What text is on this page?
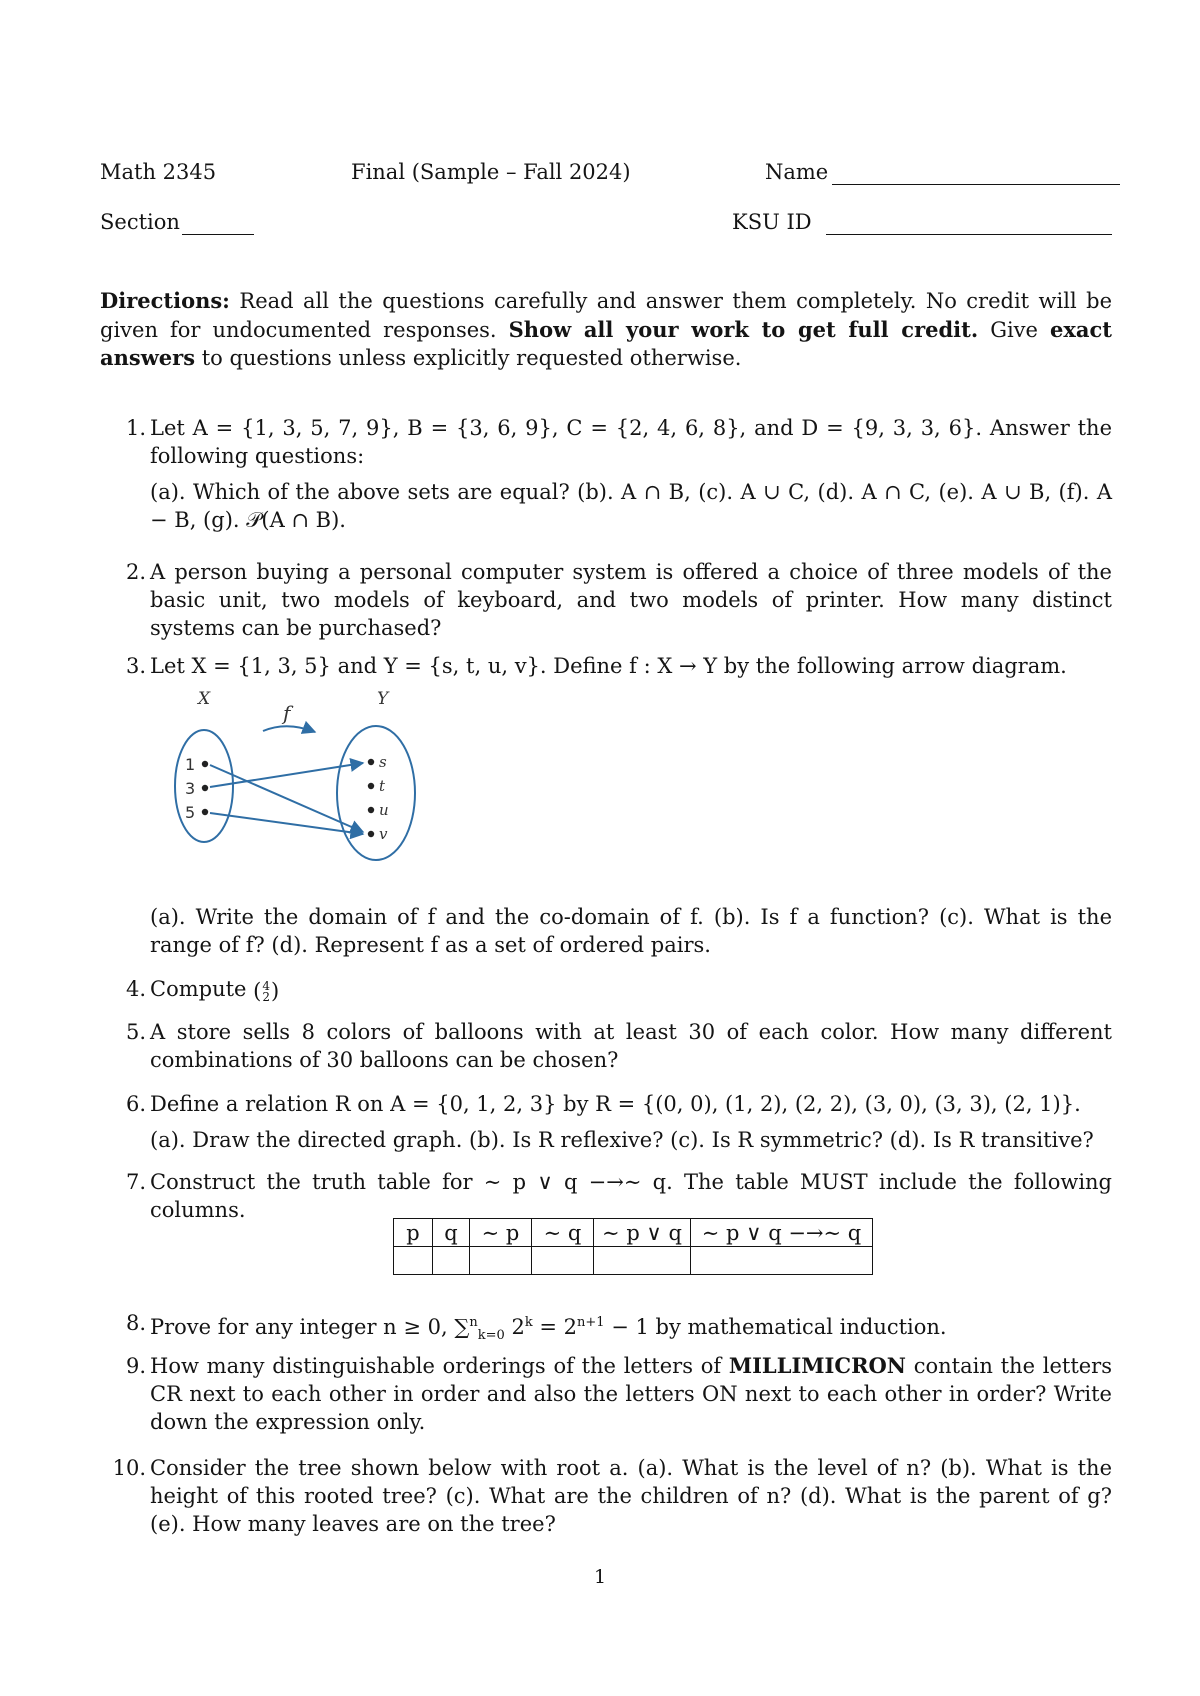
Math 2345	Final (Sample – Fall 2024)	Name
Section	KSU ID
Directions: Read all the questions carefully and answer them completely. No credit will be given for undocumented responses. Show all your work to get full credit. Give exact answers to questions unless explicitly requested otherwise.
1. Let A = {1, 3, 5, 7, 9}, B = {3, 6, 9}, C = {2, 4, 6, 8}, and D = {9, 3, 3, 6}. Answer the following questions:
(a). Which of the above sets are equal? (b). A ∩ B, (c). A ∪ C, (d). A ∩ C, (e). A ∪ B, (f). A − B, (g). 𝒫(A ∩ B).
2. A person buying a personal computer system is offered a choice of three models of the basic unit, two models of keyboard, and two models of printer. How many distinct systems can be purchased?
3. Let X = {1, 3, 5} and Y = {s, t, u, v}. Define f : X → Y by the following arrow diagram.
X	Y
f
1
3
5
s
t
u
v
(a). Write the domain of f and the co-domain of f. (b). Is f a function? (c). What is the range of f? (d). Represent f as a set of ordered pairs.
4. Compute (4
2)
5. A store sells 8 colors of balloons with at least 30 of each color. How many different combinations of 30 balloons can be chosen?
6. Define a relation R on A = {0, 1, 2, 3} by R = {(0, 0), (1, 2), (2, 2), (3, 0), (3, 3), (2, 1)}.
(a). Draw the directed graph. (b). Is R reflexive? (c). Is R symmetric? (d). Is R transitive?
7. Construct the truth table for ∼ p ∨ q −→∼ q. The table MUST include the following columns.
p	q	∼ p	∼ q	∼ p ∨ q	∼ p ∨ q −→∼ q

8. Prove for any integer n ≥ 0, ∑$^n_{k=0}$ $2^k = 2^{n+1} - 1$ by mathematical induction.
9. How many distinguishable orderings of the letters of MILLIMICRON contain the letters CR next to each other in order and also the letters ON next to each other in order? Write down the expression only.
10. Consider the tree shown below with root a. (a). What is the level of n? (b). What is the height of this rooted tree? (c). What are the children of n? (d). What is the parent of g? (e). How many leaves are on the tree?
1
